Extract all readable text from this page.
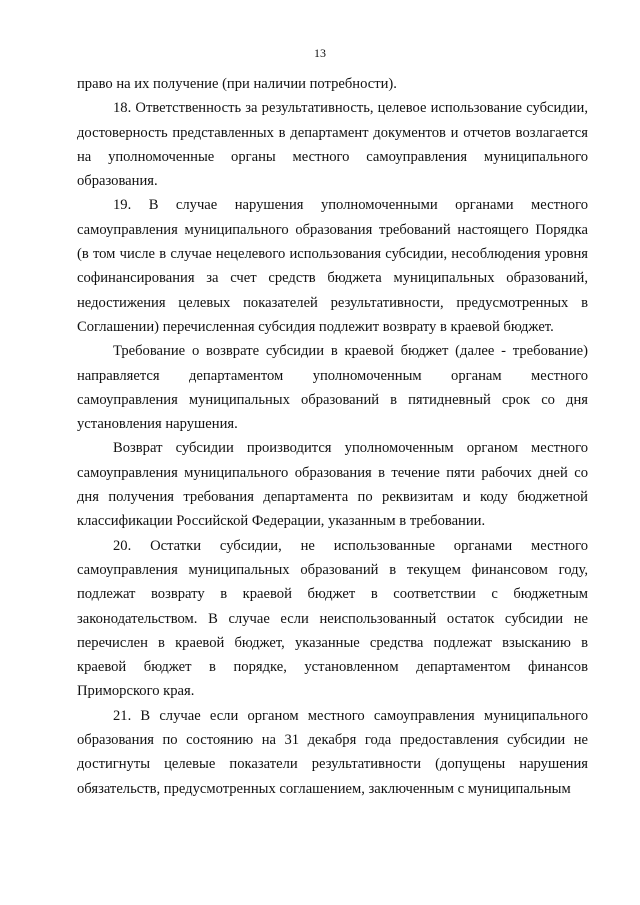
13

право на их получение (при наличии потребности).

18. Ответственность за результативность, целевое использование субсидии, достоверность представленных в департамент документов и отчетов возлагается на уполномоченные органы местного самоуправления муниципального образования.

19. В случае нарушения уполномоченными органами местного самоуправления муниципального образования требований настоящего Порядка (в том числе в случае нецелевого использования субсидии, несоблюдения уровня софинансирования за счет средств бюджета муниципальных образований, недостижения целевых показателей результативности, предусмотренных в Соглашении) перечисленная субсидия подлежит возврату в краевой бюджет.

Требование о возврате субсидии в краевой бюджет (далее - требование) направляется департаментом уполномоченным органам местного самоуправления муниципальных образований в пятидневный срок со дня установления нарушения.

Возврат субсидии производится уполномоченным органом местного самоуправления муниципального образования в течение пяти рабочих дней со дня получения требования департамента по реквизитам и коду бюджетной классификации Российской Федерации, указанным в требовании.

20. Остатки субсидии, не использованные органами местного самоуправления муниципальных образований в текущем финансовом году, подлежат возврату в краевой бюджет в соответствии с бюджетным законодательством. В случае если неиспользованный остаток субсидии не перечислен в краевой бюджет, указанные средства подлежат взысканию в краевой бюджет в порядке, установленном департаментом финансов Приморского края.

21. В случае если органом местного самоуправления муниципального образования по состоянию на 31 декабря года предоставления субсидии не достигнуты целевые показатели результативности (допущены нарушения обязательств, предусмотренных соглашением, заключенным с муниципальным
